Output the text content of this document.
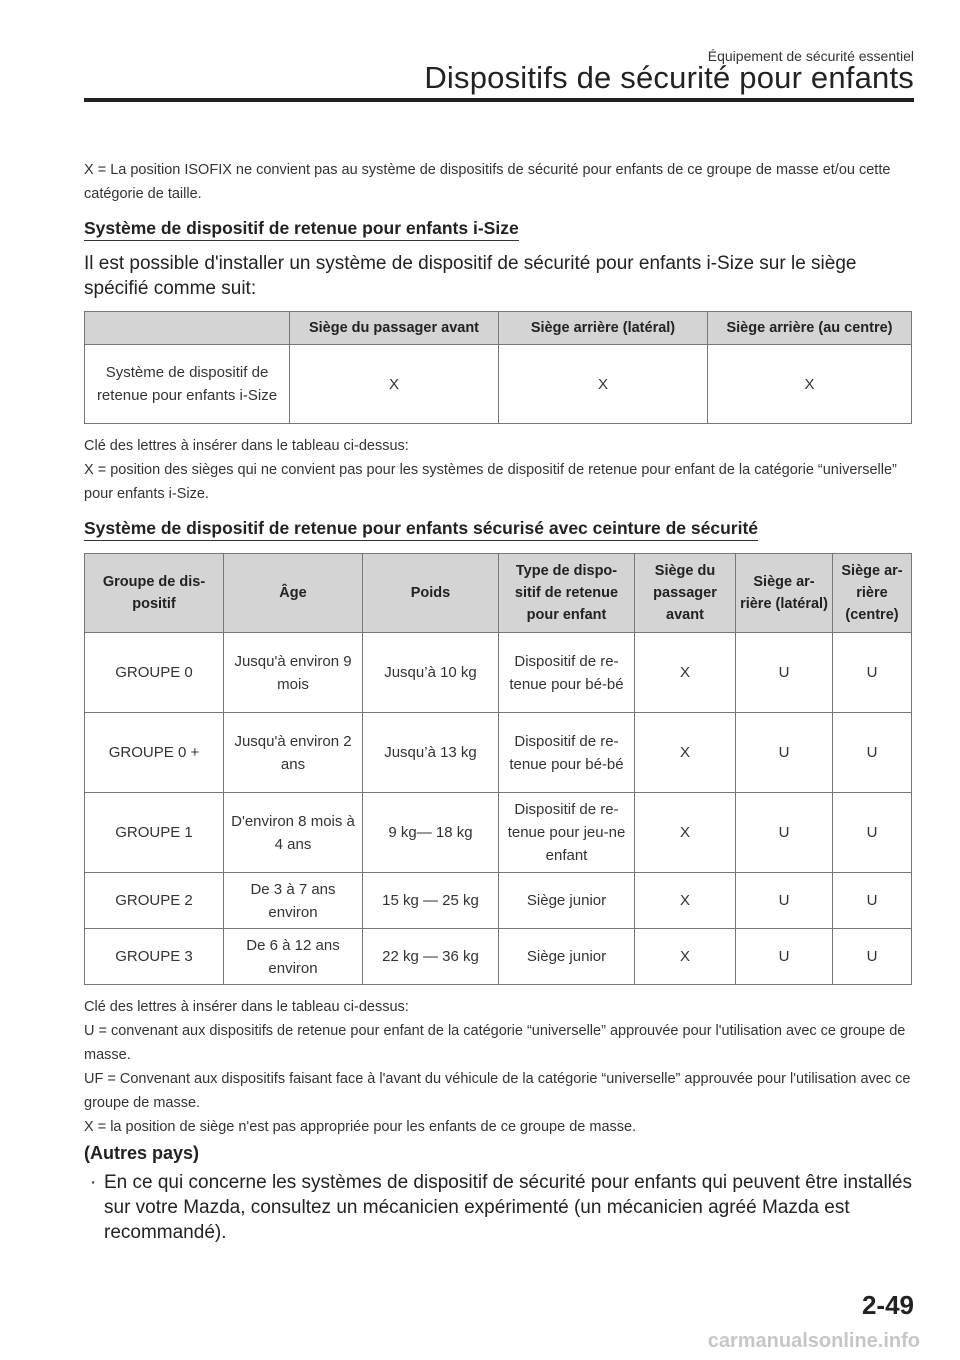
Équipement de sécurité essentiel
Dispositifs de sécurité pour enfants

X = La position ISOFIX ne convient pas au système de dispositifs de sécurité pour enfants de ce groupe de masse et/ou cette catégorie de taille.

Système de dispositif de retenue pour enfants i-Size

Il est possible d'installer un système de dispositif de sécurité pour enfants i-Size sur le siège spécifié comme suit:

	Siège du passager avant	Siège arrière (latéral)	Siège arrière (au centre)
Système de dispositif de retenue pour enfants i-Size	X	X	X

Clé des lettres à insérer dans le tableau ci-dessus:

X = position des sièges qui ne convient pas pour les systèmes de dispositif de retenue pour enfant de la catégorie “universelle” pour enfants i-Size.

Système de dispositif de retenue pour enfants sécurisé avec ceinture de sécurité
Groupe de dis-positif	Âge	Poids	Type de dispo-sitif de retenue pour enfant	Siège du passager avant	Siège ar-rière (latéral)	Siège ar-rière (centre)
GROUPE 0	Jusqu'à environ 9 mois	Jusqu’à 10 kg	Dispositif de re-tenue pour bé-bé	X	U	U
GROUPE 0 +	Jusqu'à environ 2 ans	Jusqu’à 13 kg	Dispositif de re-tenue pour bé-bé	X	U	U
GROUPE 1	D'environ 8 mois à 4 ans	9 kg— 18 kg	Dispositif de re-tenue pour jeu-ne enfant	X	U	U
GROUPE 2	De 3 à 7 ans environ	15 kg — 25 kg	Siège junior	X	U	U
GROUPE 3	De 6 à 12 ans environ	22 kg — 36 kg	Siège junior	X	U	U

Clé des lettres à insérer dans le tableau ci-dessus:

U = convenant aux dispositifs de retenue pour enfant de la catégorie “universelle” approuvée pour l'utilisation avec ce groupe de masse.

UF = Convenant aux dispositifs faisant face à l'avant du véhicule de la catégorie “universelle” approuvée pour l'utilisation avec ce groupe de masse.

X = la position de siège n'est pas appropriée pour les enfants de ce groupe de masse.

(Autres pays)
· En ce qui concerne les systèmes de dispositif de sécurité pour enfants qui peuvent être installés sur votre Mazda, consultez un mécanicien expérimenté (un mécanicien agréé Mazda est recommandé).
2-49
carmanualsonline.info
